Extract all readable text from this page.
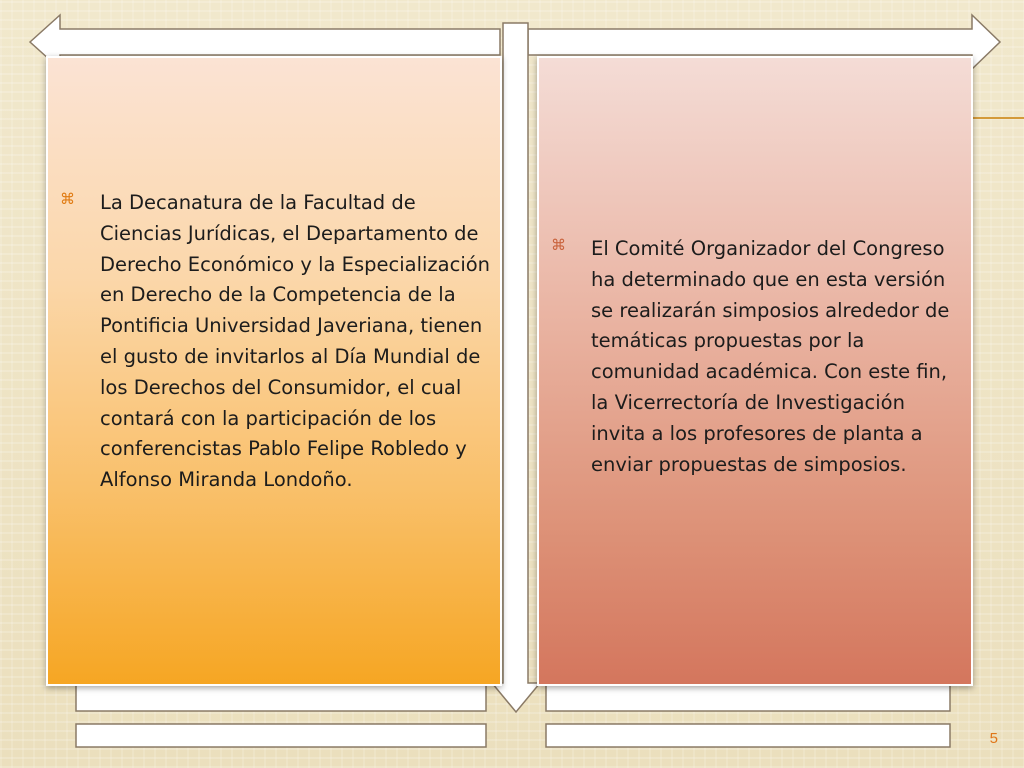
⌘ La Decanatura de la Facultad de Ciencias Jurídicas, el Departamento de Derecho Económico y la Especialización en Derecho de la Competencia de la Pontificia Universidad Javeriana, tienen el gusto de invitarlos al Día Mundial de los Derechos del Consumidor, el cual contará con la participación de los conferencistas Pablo Felipe Robledo y Alfonso Miranda Londoño.
⌘ El Comité Organizador del Congreso ha determinado que en esta versión se realizarán simposios alrededor de temáticas propuestas por la comunidad académica. Con este fin, la Vicerrectoría de Investigación invita a los profesores de planta a enviar propuestas de simposios.
5
